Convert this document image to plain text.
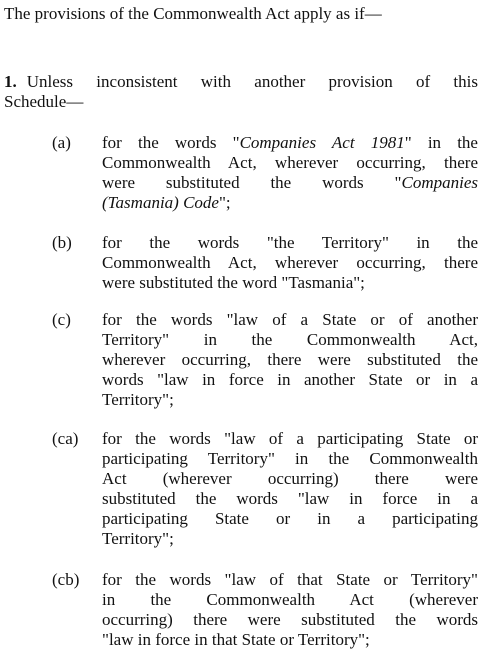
The provisions of the Commonwealth Act apply as if—
1. Unless inconsistent with another provision of this
Schedule—
(a)	for the words "Companies Act 1981" in the
Commonwealth Act, wherever occurring, there
were substituted the words "Companies
(Tasmania) Code";
(b)	for the words "the Territory" in the
Commonwealth Act, wherever occurring, there
were substituted the word "Tasmania";
(c)	for the words "law of a State or of another
Territory" in the Commonwealth Act,
wherever occurring, there were substituted the
words "law in force in another State or in a
Territory";
(ca)	for the words "law of a participating State or
participating Territory" in the Commonwealth
Act (wherever occurring) there were
substituted the words "law in force in a
participating State or in a participating
Territory";
(cb)	for the words "law of that State or Territory"
in the Commonwealth Act (wherever
occurring) there were substituted the words
"law in force in that State or Territory";
